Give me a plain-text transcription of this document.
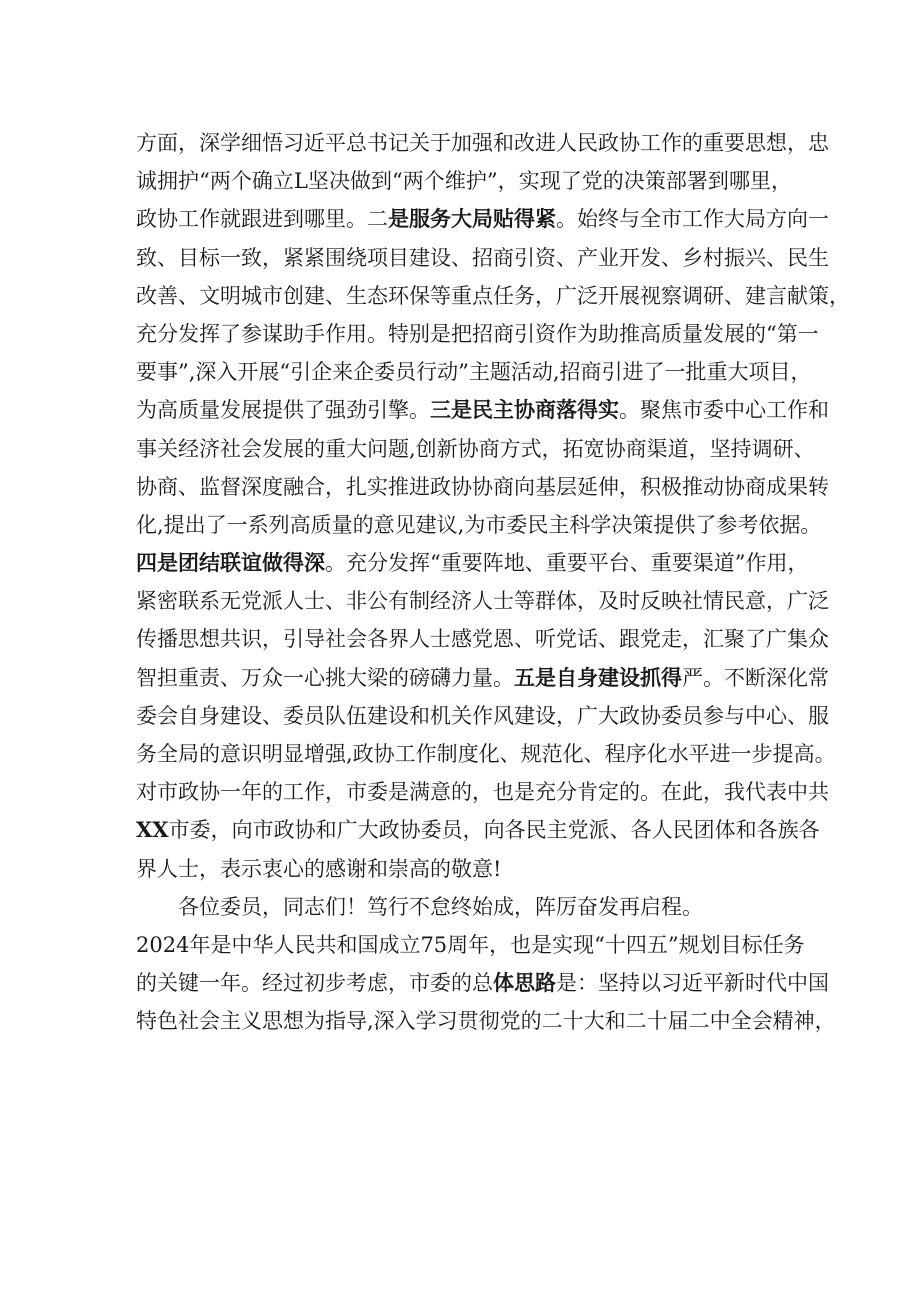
方面，深学细悟习近平总书记关于加强和改进人民政协工作的重要思想，忠
诚拥护“两个确立L坚决做到“两个维护”，实现了党的决策部署到哪里，
政协工作就跟进到哪里。二是服务大局贴得紧。始终与全市工作大局方向一
致、目标一致，紧紧围绕项目建设、招商引资、产业开发、乡村振兴、民生
改善、文明城市创建、生态环保等重点任务，广泛开展视察调研、建言献策，
充分发挥了参谋助手作用。特别是把招商引资作为助推高质量发展的“第一
要事”,深入开展“引企来企委员行动”主题活动,招商引进了一批重大项目，
为高质量发展提供了强劲引擎。三是民主协商落得实。聚焦市委中心工作和
事关经济社会发展的重大问题,创新协商方式，拓宽协商渠道，坚持调研、
协商、监督深度融合，扎实推进政协协商向基层延伸，积极推动协商成果转
化,提出了一系列高质量的意见建议,为市委民主科学决策提供了参考依据。
四是团结联谊做得深。充分发挥“重要阵地、重要平台、重要渠道”作用，
紧密联系无党派人士、非公有制经济人士等群体，及时反映社情民意，广泛
传播思想共识，引导社会各界人士感党恩、听党话、跟党走，汇聚了广集众
智担重责、万众一心挑大梁的磅礴力量。五是自身建设抓得严。不断深化常
委会自身建设、委员队伍建设和机关作风建设，广大政协委员参与中心、服
务全局的意识明显增强,政协工作制度化、规范化、程序化水平进一步提高。
对市政协一年的工作，市委是满意的，也是充分肯定的。在此，我代表中共
XX市委，向市政协和广大政协委员，向各民主党派、各人民团体和各族各
界人士，表示衷心的感谢和崇高的敬意!
各位委员，同志们！笃行不怠终始成，阵厉奋发再启程。
2024年是中华人民共和国成立75周年，也是实现“十四五”规划目标任务
的关键一年。经过初步考虑，市委的总体思路是：坚持以习近平新时代中国
特色社会主义思想为指导,深入学习贯彻党的二十大和二十届二中全会精神，
